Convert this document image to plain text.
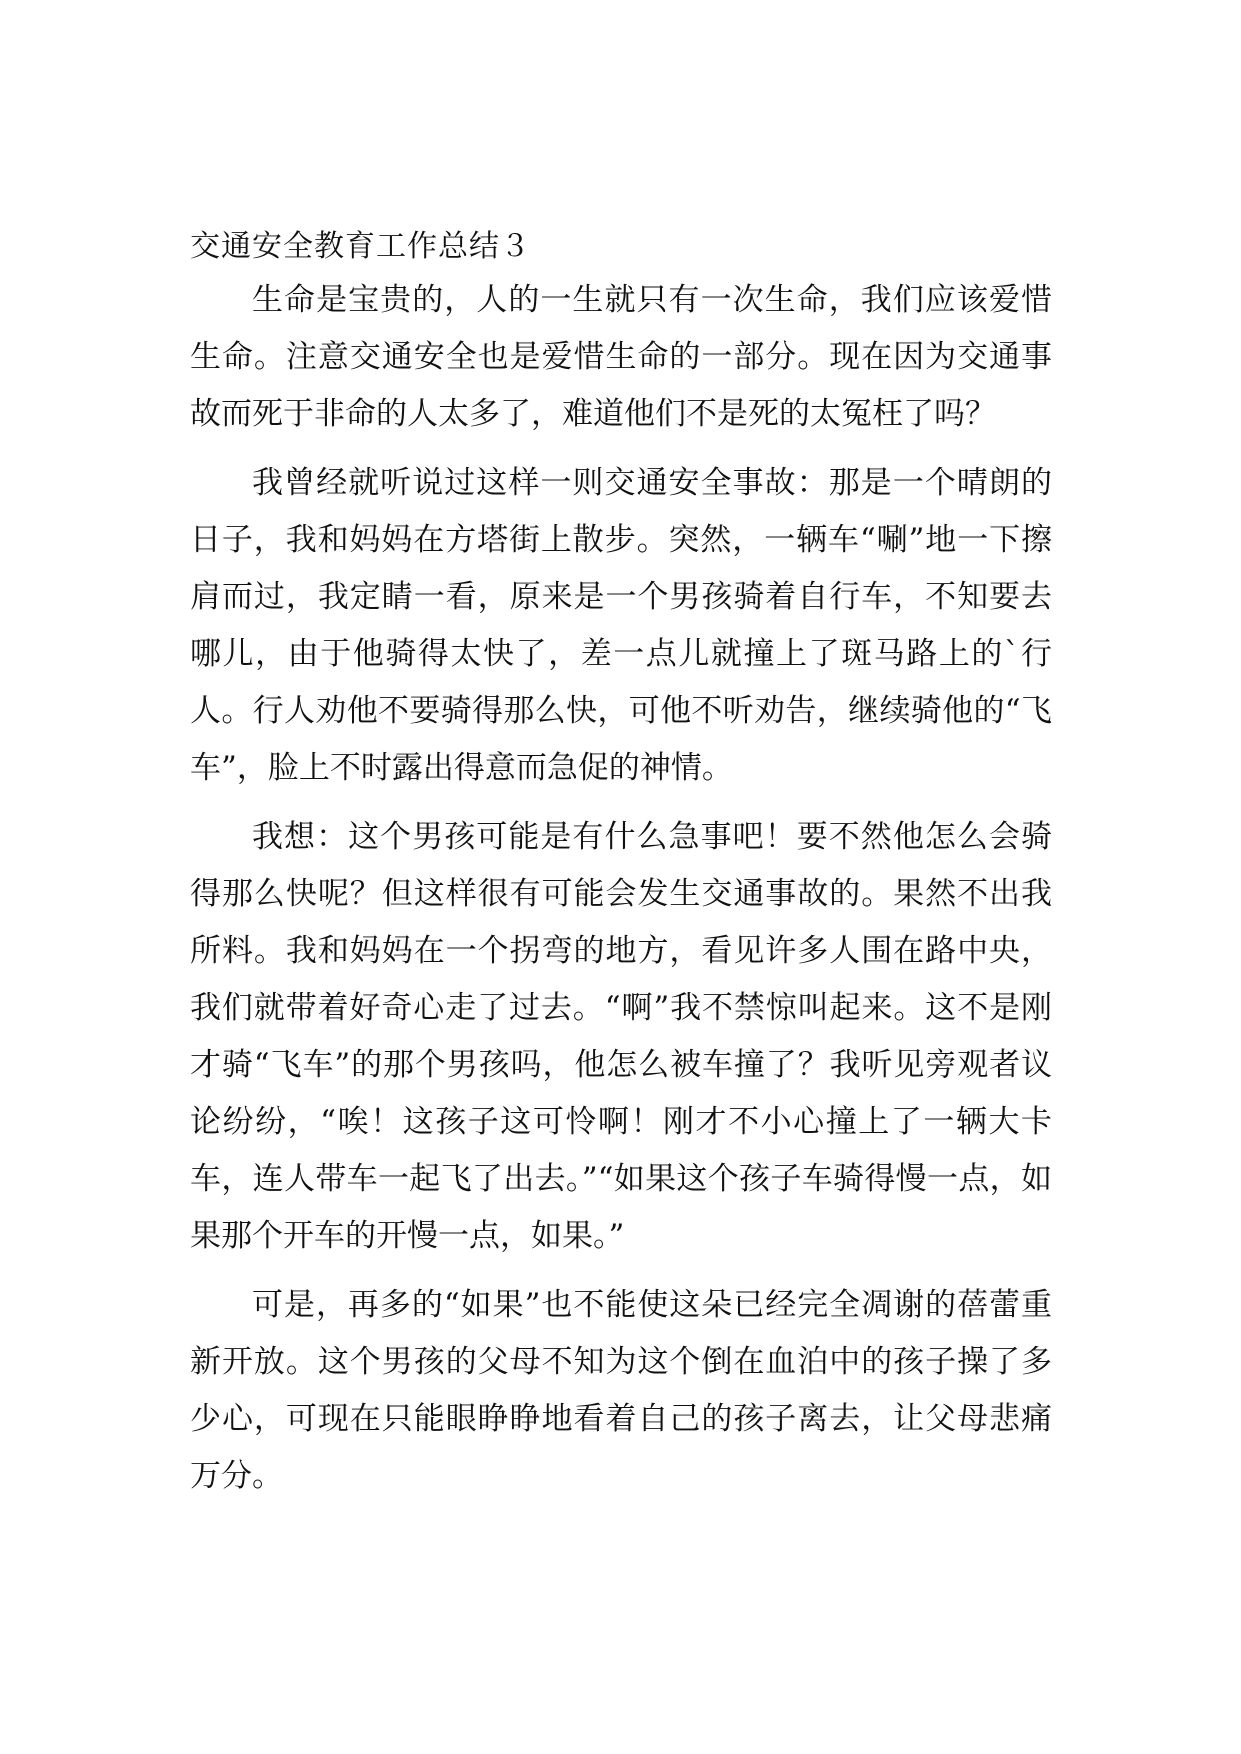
交通安全教育工作总结３

生命是宝贵的，人的一生就只有一次生命，我们应该爱惜生命。注意交通安全也是爱惜生命的一部分。现在因为交通事故而死于非命的人太多了，难道他们不是死的太冤枉了吗？

我曾经就听说过这样一则交通安全事故：那是一个晴朗的日子，我和妈妈在方塔街上散步。突然，一辆车“唰”地一下擦肩而过，我定睛一看，原来是一个男孩骑着自行车，不知要去哪儿，由于他骑得太快了，差一点儿就撞上了斑马路上的`行人。行人劝他不要骑得那么快，可他不听劝告，继续骑他的“飞车”，脸上不时露出得意而急促的神情。

我想：这个男孩可能是有什么急事吧！要不然他怎么会骑得那么快呢？但这样很有可能会发生交通事故的。果然不出我所料。我和妈妈在一个拐弯的地方，看见许多人围在路中央，我们就带着好奇心走了过去。“啊”我不禁惊叫起来。这不是刚才骑“飞车”的那个男孩吗，他怎么被车撞了？我听见旁观者议论纷纷，“唉！这孩子这可怜啊！刚才不小心撞上了一辆大卡车，连人带车一起飞了出去。”“如果这个孩子车骑得慢一点，如果那个开车的开慢一点，如果。”

可是，再多的“如果”也不能使这朵已经完全凋谢的蓓蕾重新开放。这个男孩的父母不知为这个倒在血泊中的孩子操了多少心，可现在只能眼睁睁地看着自己的孩子离去，让父母悲痛万分。
